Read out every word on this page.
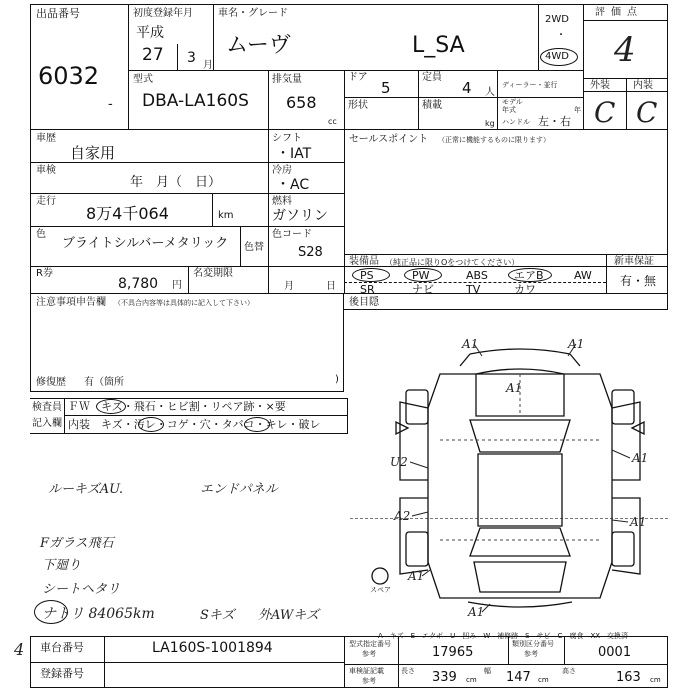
出品番号
6032
-
初度登録年月
平成
27 3 月
車名・グレード
ムーヴ	L_SA
2WD
・
4WD
評価点
4
外装 内装
C C
型式
DBA-LA160S
排気量
658
cc
ドア
5
定員
4 人
ディーラー・並行
形状	積載
kg
モデル
年式	年
ハンドル 左・右
車歴
自家用
シフト
・IAT
セールスポイント （正常に機能するものに限ります）
車検
年　月（　日）
冷房
・AC
走行
8万4千064	km
燃料
ガソリン
色
ブライトシルバーメタリック	色替
色コード
S28
R券
8,780 円
名変期限
月	日
装備品 （純正品に限りOをつけてください）
PS	PW	ABS エアB	AW
SR	ナビ	TV	カワ
新車保証
有・無
注意事項申告欄 （不具合内容等は具体的に記入して下さい）
修復歴 有（箇所	)
後目隠
検査員
記入欄
ＦＷ　キズ・飛石・ヒビ割・リペア跡・×要
内装　キズ・汚レ・コゲ・穴・タバコ・キレ・破レ
ルーキズAU.	エンドパネル
Fガラス飛石
下廻り
シートヘタリ
ナトリ 84065km	Sキズ 外AWキズ
A1	A1
A1
A1
U2
A2	A1
A1
A1
スペア
A―キズ　E―エクボ　U―凹み　W―補修跡　S―サビ　C―腐食　XX―交換済
4 車台番号	LA160S-1001894
登録番号
型式指定番号
参考	17965
類別区分番号
参考	0001
車検証記載
参考
長さ 339 cm
幅 147 cm
高さ	163 cm
